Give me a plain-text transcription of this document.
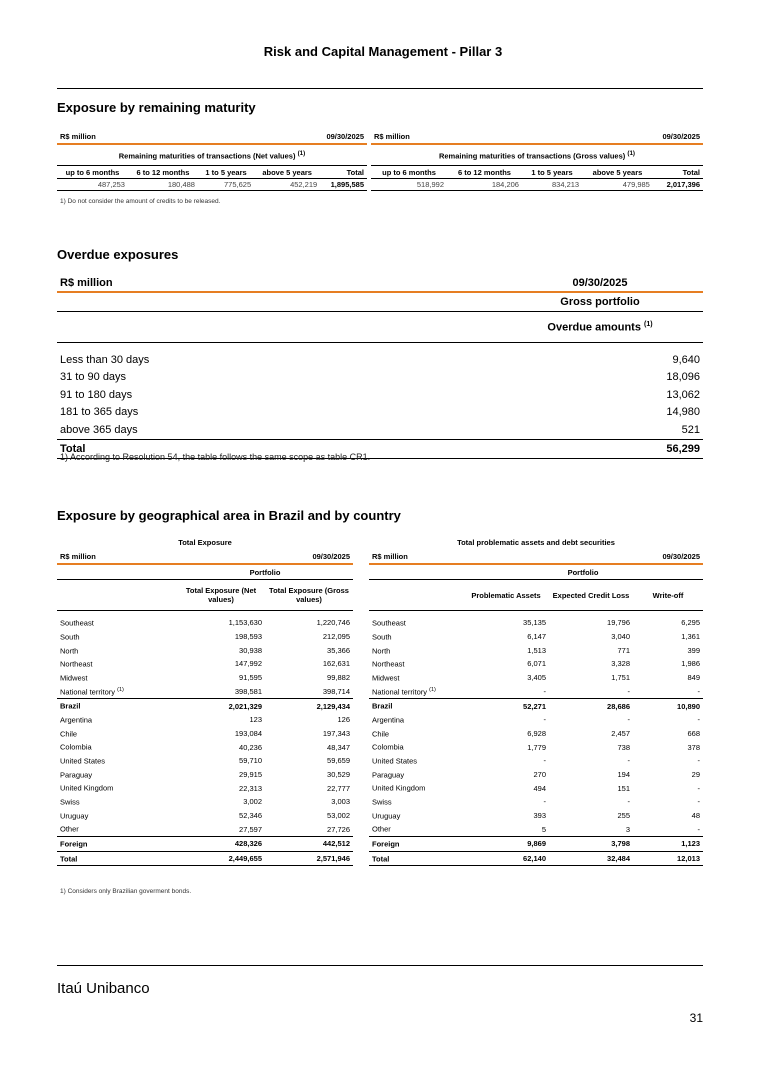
Risk and Capital Management - Pillar 3
Exposure by remaining maturity
R$ million			09/30/2025	
Remaining maturities of transactions (Net values) $^{(1)}$
up to 6 months	6 to 12 months	1 to 5 years	above 5 years	Total
487,253	180,488	775,625	452,219	1,895,585
R$ million			09/30/2025	
Remaining maturities of transactions (Gross values) $^{(1)}$
up to 6 months	6 to 12 months	1 to 5 years	above 5 years	Total
518,992	184,206	834,213	479,985	2,017,396
1) Do not consider the amount of credits to be released.
Overdue exposures
R$ million	09/30/2025
	Gross portfolio
	Overdue amounts $^{(1)}$

Less than 30 days	9,640
31 to 90 days	18,096
91 to 180 days	13,062
181 to 365 days	14,980
above 365 days	521
Total	56,299
1) According to Resolution 54, the table follows the same scope as table CR1.
Exposure by geographical area in Brazil and by country
Total Exposure		
R$ million		09/30/2025
	Portfolio	
	Total Exposure (Net values)	Total Exposure (Gross values)

Southeast	1,153,630	1,220,746
South	198,593	212,095
North	30,938	35,366
Northeast	147,992	162,631
Midwest	91,595	99,882
National territory $^{(1)}$	398,581	398,714
Brazil	2,021,329	2,129,434
Argentina	123	126
Chile	193,084	197,343
Colombia	40,236	48,347
United States	59,710	59,659
Paraguay	29,915	30,529
United Kingdom	22,313	22,777
Swiss	3,002	3,003
Uruguay	52,346	53,002
Other	27,597	27,726
Foreign	428,326	442,512
Total	2,449,655	2,571,946
Total problematic assets and debt securities			
R$ million			09/30/2025
	Portfolio		
	Problematic Assets	Expected Credit Loss	Write-off

Southeast	35,135	19,796	6,295
South	6,147	3,040	1,361
North	1,513	771	399
Northeast	6,071	3,328	1,986
Midwest	3,405	1,751	849
National territory $^{(1)}$	-	-	-
Brazil	52,271	28,686	10,890
Argentina	-	-	-
Chile	6,928	2,457	668
Colombia	1,779	738	378
United States	-	-	-
Paraguay	270	194	29
United Kingdom	494	151	-
Swiss	-	-	-
Uruguay	393	255	48
Other	5	3	-
Foreign	9,869	3,798	1,123
Total	62,140	32,484	12,013
1) Considers only Brazilian goverment bonds.
Itaú Unibanco
31
